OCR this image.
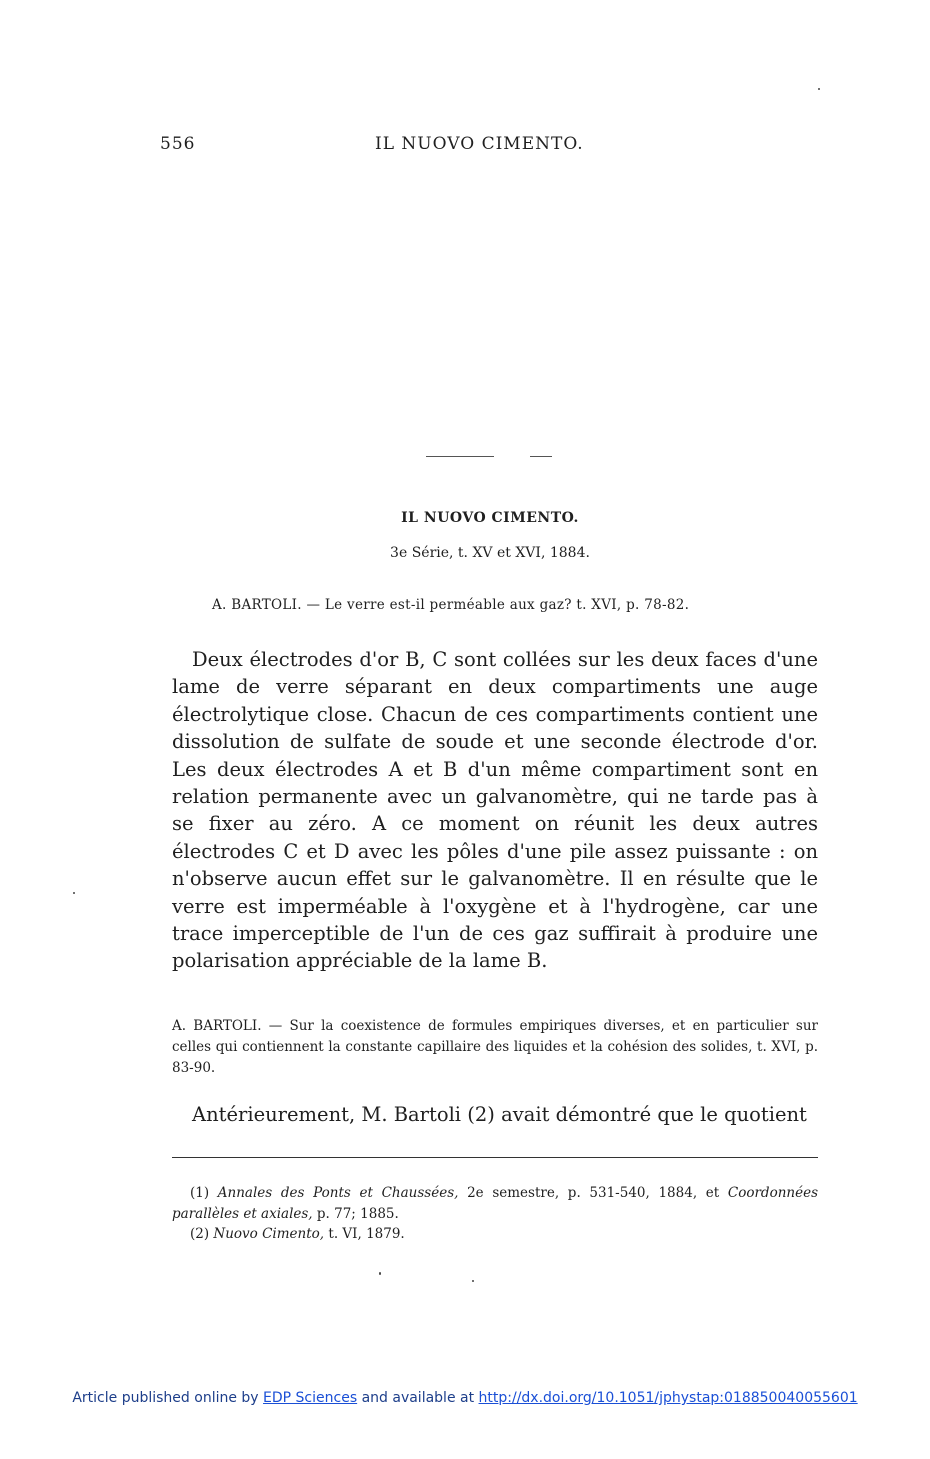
556	IL NUOVO CIMENTO.
IL NUOVO CIMENTO.
3e Série, t. XV et XVI, 1884.
A. BARTOLI. — Le verre est-il perméable aux gaz? t. XVI, p. 78-82.
Deux électrodes d'or B, C sont collées sur les deux faces d'une lame de verre séparant en deux compartiments une auge électrolytique close. Chacun de ces compartiments contient une dissolution de sulfate de soude et une seconde électrode d'or. Les deux électrodes A et B d'un même compartiment sont en relation permanente avec un galvanomètre, qui ne tarde pas à se fixer au zéro. A ce moment on réunit les deux autres électrodes C et D avec les pôles d'une pile assez puissante : on n'observe aucun effet sur le galvanomètre. Il en résulte que le verre est imperméable à l'oxygène et à l'hydrogène, car une trace imperceptible de l'un de ces gaz suffirait à produire une polarisation appréciable de la lame B.
A. BARTOLI. — Sur la coexistence de formules empiriques diverses, et en particulier sur celles qui contiennent la constante capillaire des liquides et la cohésion des solides, t. XVI, p. 83-90.
Antérieurement, M. Bartoli (2) avait démontré que le quotient
(1) Annales des Ponts et Chaussées, 2e semestre, p. 531-540, 1884, et Coordonnées parallèles et axiales, p. 77; 1885.
(2) Nuovo Cimento, t. VI, 1879.
Article published online by EDP Sciences and available at http://dx.doi.org/10.1051/jphystap:018850040055601
